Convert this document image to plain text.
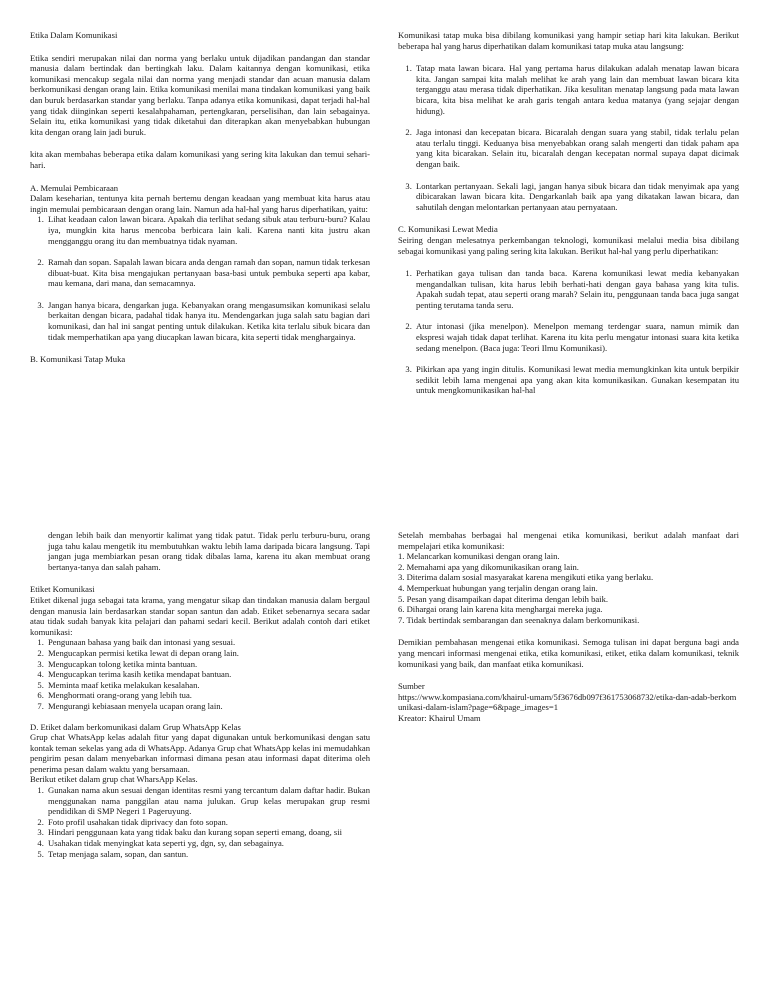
Etika Dalam Komunikasi

Etika sendiri merupakan nilai dan norma yang berlaku untuk dijadikan pandangan dan standar manusia dalam bertindak dan bertingkah laku. Dalam kaitannya dengan komunikasi, etika komunikasi mencakup segala nilai dan norma yang menjadi standar dan acuan manusia dalam berkomunikasi dengan orang lain. Etika komunikasi menilai mana tindakan komunikasi yang baik dan buruk berdasarkan standar yang berlaku. Tanpa adanya etika komunikasi, dapat terjadi hal-hal yang tidak diinginkan seperti kesalahpahaman, pertengkaran, perselisihan, dan lain sebagainya. Selain itu, etika komunikasi yang tidak diketahui dan diterapkan akan menyebabkan hubungan kita dengan orang lain jadi buruk.

kita akan membahas beberapa etika dalam komunikasi yang sering kita lakukan dan temui sehari-hari.

A. Memulai Pembicaraan
Dalam keseharian, tentunya kita pernah bertemu dengan keadaan yang membuat kita harus atau ingin memulai pembicaraan dengan orang lain. Namun ada hal-hal yang harus diperhatikan, yaitu:
1. Lihat keadaan calon lawan bicara. Apakah dia terlihat sedang sibuk atau terburu-buru? Kalau iya, mungkin kita harus mencoba berbicara lain kali. Karena nanti kita justru akan mengganggu orang itu dan membuatnya tidak nyaman.
2. Ramah dan sopan. Sapalah lawan bicara anda dengan ramah dan sopan, namun tidak terkesan dibuat-buat. Kita bisa mengajukan pertanyaan basa-basi untuk pembuka seperti apa kabar, mau kemana, dari mana, dan semacamnya.
3. Jangan hanya bicara, dengarkan juga. Kebanyakan orang mengasumsikan komunikasi selalu berkaitan dengan bicara, padahal tidak hanya itu. Mendengarkan juga salah satu bagian dari komunikasi, dan hal ini sangat penting untuk dilakukan. Ketika kita terlalu sibuk bicara dan tidak memperhatikan apa yang diucapkan lawan bicara, kita seperti tidak menghargainya.
B. Komunikasi Tatap Muka

Komunikasi tatap muka bisa dibilang komunikasi yang hampir setiap hari kita lakukan. Berikut beberapa hal yang harus diperhatikan dalam komunikasi tatap muka atau langsung:

1. Tatap mata lawan bicara. Hal yang pertama harus dilakukan adalah menatap lawan bicara kita. Jangan sampai kita malah melihat ke arah yang lain dan membuat lawan bicara kita terganggu atau merasa tidak diperhatikan. Jika kesulitan menatap langsung pada mata lawan bicara, kita bisa melihat ke arah garis tengah antara kedua matanya (yang sejajar dengan hidung).
2. Jaga intonasi dan kecepatan bicara. Bicaralah dengan suara yang stabil, tidak terlalu pelan atau terlalu tinggi. Keduanya bisa menyebabkan orang salah mengerti dan tidak paham apa yang kita bicarakan. Selain itu, bicaralah dengan kecepatan normal supaya dapat dicimak dengan baik.
3. Lontarkan pertanyaan. Sekali lagi, jangan hanya sibuk bicara dan tidak menyimak apa yang dibicarakan lawan bicara kita. Dengarkanlah baik apa yang dikatakan lawan bicara, dan sahutilah dengan melontarkan pertanyaan atau pernyataan.
C. Komunikasi Lewat Media
Seiring dengan melesatnya perkembangan teknologi, komunikasi melalui media bisa dibilang sebagai komunikasi yang paling sering kita lakukan. Berikut hal-hal yang perlu diperhatikan:
1. Perhatikan gaya tulisan dan tanda baca. Karena komunikasi lewat media kebanyakan mengandalkan tulisan, kita harus lebih berhati-hati dengan gaya bahasa yang kita tulis. Apakah sudah tepat, atau seperti orang marah? Selain itu, penggunaan tanda baca juga sangat penting terutama tanda seru.
2. Atur intonasi (jika menelpon). Menelpon memang terdengar suara, namun mimik dan ekspresi wajah tidak dapat terlihat. Karena itu kita perlu mengatur intonasi suara kita ketika sedang menelpon. (Baca juga: Teori Ilmu Komunikasi).
3. Pikirkan apa yang ingin ditulis. Komunikasi lewat media memungkinkan kita untuk berpikir sedikit lebih lama mengenai apa yang akan kita komunikasikan. Gunakan kesempatan itu untuk mengkomunikasikan hal-hal

dengan lebih baik dan menyortir kalimat yang tidak patut. Tidak perlu terburu-buru, orang juga tahu kalau mengetik itu membutuhkan waktu lebih lama daripada bicara langsung. Tapi jangan juga membiarkan pesan orang tidak dibalas lama, karena itu akan membuat orang bertanya-tanya dan salah paham.

Etiket Komunikasi
Etiket dikenal juga sebagai tata krama, yang mengatur sikap dan tindakan manusia dalam bergaul dengan manusia lain berdasarkan standar sopan santun dan adab. Etiket sebenarnya secara sadar atau tidak sudah banyak kita pelajari dan pahami sedari kecil. Berikut adalah contoh dari etiket komunikasi:
1. Pengunaan bahasa yang baik dan intonasi yang sesuai.
2. Mengucapkan permisi ketika lewat di depan orang lain.
3. Mengucapkan tolong ketika minta bantuan.
4. Mengucapkan terima kasih ketika mendapat bantuan.
5. Meminta maaf ketika melakukan kesalahan.
6. Menghormati orang-orang yang lebih tua.
7. Mengurangi kebiasaan menyela ucapan orang lain.
D. Etiket dalam berkomunikasi dalam Grup WhatsApp Kelas
Grup chat WhatsApp kelas adalah fitur yang dapat digunakan untuk berkomunikasi dengan satu kontak teman sekelas yang ada di WhatsApp. Adanya Grup chat WhatsApp kelas ini memudahkan pengirim pesan dalam menyebarkan informasi dimana pesan atau informasi dapat diterima oleh penerima pesan dalam waktu yang bersamaan.
Berikut etiket dalam grup chat WharsApp Kelas.
1. Gunakan nama akun sesuai dengan identitas resmi yang tercantum dalam daftar hadir. Bukan menggunakan nama panggilan atau nama julukan. Grup kelas merupakan grup resmi pendidikan di SMP Negeri 1 Pageruyung.
2. Foto profil usahakan tidak diprivacy dan foto sopan.
3. Hindari penggunaan kata yang tidak baku dan kurang sopan seperti emang, doang, sii
4. Usahakan tidak menyingkat kata seperti yg, dgn, sy, dan sebagainya.
5. Tetap menjaga salam, sopan, dan santun.
Setelah membahas berbagai hal mengenai etika komunikasi, berikut adalah manfaat dari mempelajari etika komunikasi:
1. Melancarkan komunikasi dengan orang lain.
2. Memahami apa yang dikomunikasikan orang lain.
3. Diterima dalam sosial masyarakat karena mengikuti etika yang berlaku.
4. Memperkuat hubungan yang terjalin dengan orang lain.
5. Pesan yang disampaikan dapat diterima dengan lebih baik.
6. Dihargai orang lain karena kita menghargai mereka juga.
7. Tidak bertindak sembarangan dan seenaknya dalam berkomunikasi.

Demikian pembahasan mengenai etika komunikasi. Semoga tulisan ini dapat berguna bagi anda yang mencari informasi mengenai etika, etika komunikasi, etiket, etika dalam komunikasi, teknik komunikasi yang baik, dan manfaat etika komunikasi.

Sumber
https://www.kompasiana.com/khairul-umam/5f3676db097f361753068732/etika-dan-adab-berkomunikasi-dalam-islam?page=6&page_images=1
Kreator: Khairul Umam
